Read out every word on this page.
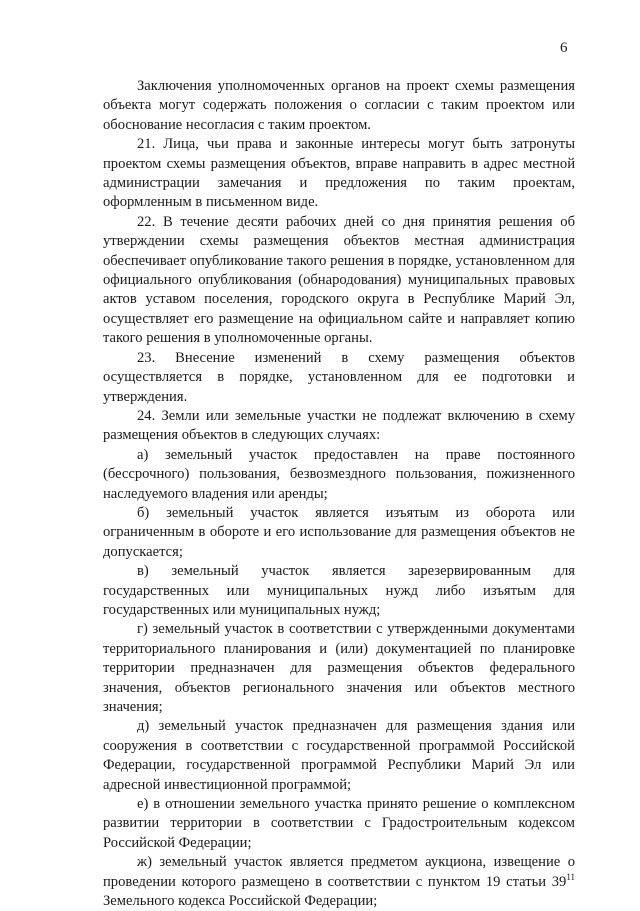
6

Заключения уполномоченных органов на проект схемы размещения объекта могут содержать положения о согласии с таким проектом или обоснование несогласия с таким проектом.

21. Лица, чьи права и законные интересы могут быть затронуты проектом схемы размещения объектов, вправе направить в адрес местной администрации замечания и предложения по таким проектам, оформленным в письменном виде.

22. В течение десяти рабочих дней со дня принятия решения об утверждении схемы размещения объектов местная администрация обеспечивает опубликование такого решения в порядке, установленном для официального опубликования (обнародования) муниципальных правовых актов уставом поселения, городского округа в Республике Марий Эл, осуществляет его размещение на официальном сайте и направляет копию такого решения в уполномоченные органы.

23. Внесение изменений в схему размещения объектов осуществляется в порядке, установленном для ее подготовки и утверждения.

24. Земли или земельные участки не подлежат включению в схему размещения объектов в следующих случаях:

а) земельный участок предоставлен на праве постоянного (бессрочного) пользования, безвозмездного пользования, пожизненного наследуемого владения или аренды;

б) земельный участок является изъятым из оборота или ограниченным в обороте и его использование для размещения объектов не допускается;

в) земельный участок является зарезервированным для государственных или муниципальных нужд либо изъятым для государственных или муниципальных нужд;

г) земельный участок в соответствии с утвержденными документами территориального планирования и (или) документацией по планировке территории предназначен для размещения объектов федерального значения, объектов регионального значения или объектов местного значения;

д) земельный участок предназначен для размещения здания или сооружения в соответствии с государственной программой Российской Федерации, государственной программой Республики Марий Эл или адресной инвестиционной программой;

е) в отношении земельного участка принято решение о комплексном развитии территории в соответствии с Градостроительным кодексом Российской Федерации;

ж) земельный участок является предметом аукциона, извещение о проведении которого размещено в соответствии с пунктом 19 статьи $39^{11}$ Земельного кодекса Российской Федерации;
